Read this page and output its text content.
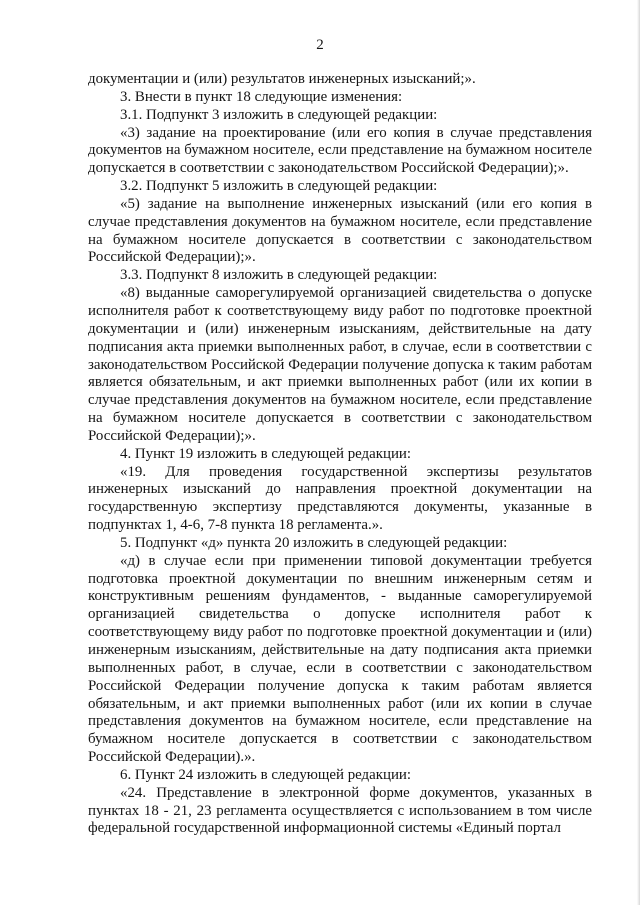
2

документации и (или) результатов инженерных изысканий;».

3. Внести в пункт 18 следующие изменения:

3.1. Подпункт 3 изложить в следующей редакции:

«3) задание на проектирование (или его копия в случае представления документов на бумажном носителе, если представление на бумажном носителе допускается в соответствии с законодательством Российской Федерации);».

3.2. Подпункт 5 изложить в следующей редакции:

«5) задание на выполнение инженерных изысканий (или его копия в случае представления документов на бумажном носителе, если представление на бумажном носителе допускается в соответствии с законодательством Российской Федерации);».

3.3. Подпункт 8 изложить в следующей редакции:

«8) выданные саморегулируемой организацией свидетельства о допуске исполнителя работ к соответствующему виду работ по подготовке проектной документации и (или) инженерным изысканиям, действительные на дату подписания акта приемки выполненных работ, в случае, если в соответствии с законодательством Российской Федерации получение допуска к таким работам является обязательным, и акт приемки выполненных работ (или их копии в случае представления документов на бумажном носителе, если представление на бумажном носителе допускается в соответствии с законодательством Российской Федерации);».

4. Пункт 19 изложить в следующей редакции:

«19. Для проведения государственной экспертизы результатов инженерных изысканий до направления проектной документации на государственную экспертизу представляются документы, указанные в подпунктах 1, 4-6, 7-8 пункта 18 регламента.».

5. Подпункт «д» пункта 20 изложить в следующей редакции:

«д) в случае если при применении типовой документации требуется подготовка проектной документации по внешним инженерным сетям и конструктивным решениям фундаментов, - выданные саморегулируемой организацией свидетельства о допуске исполнителя работ к соответствующему виду работ по подготовке проектной документации и (или) инженерным изысканиям, действительные на дату подписания акта приемки выполненных работ, в случае, если в соответствии с законодательством Российской Федерации получение допуска к таким работам является обязательным, и акт приемки выполненных работ (или их копии в случае представления документов на бумажном носителе, если представление на бумажном носителе допускается в соответствии с законодательством Российской Федерации).».

6. Пункт 24 изложить в следующей редакции:

«24. Представление в электронной форме документов, указанных в пунктах 18 - 21, 23 регламента осуществляется с использованием в том числе федеральной государственной информационной системы «Единый портал
